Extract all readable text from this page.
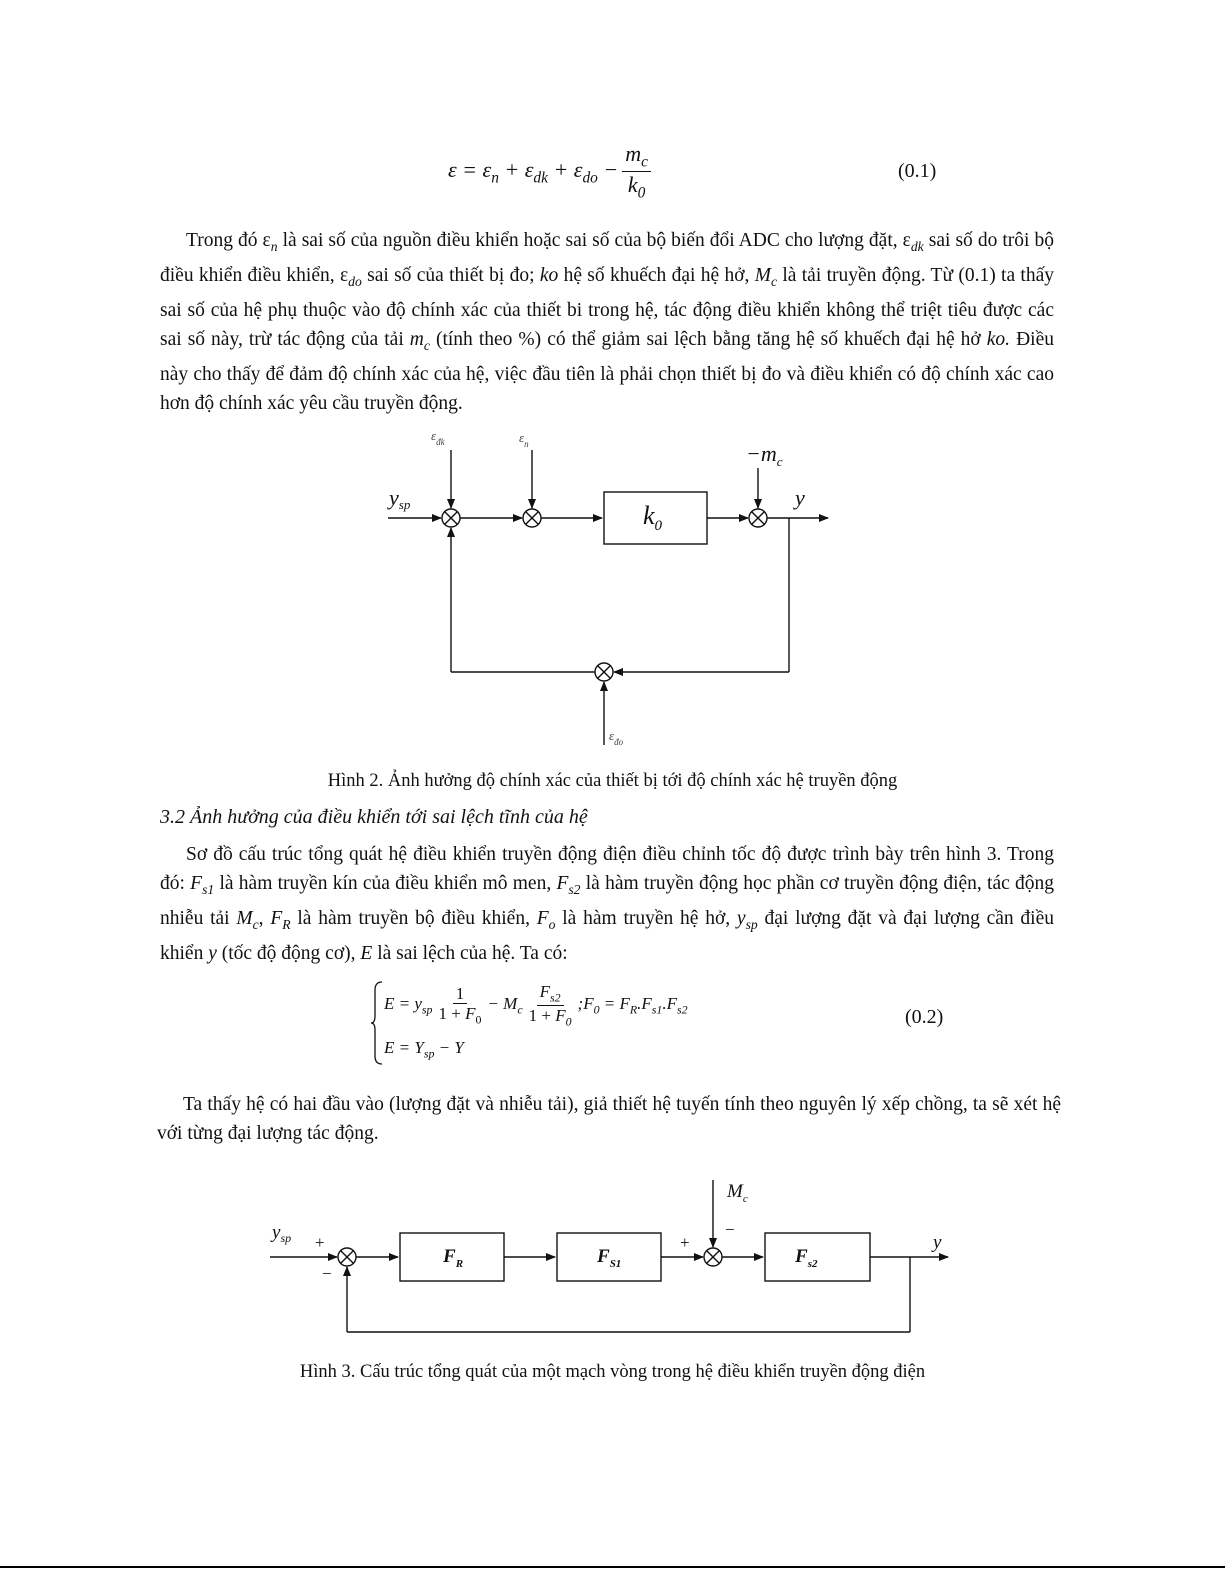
$\varepsilon = \varepsilon_n + \varepsilon_{dk} + \varepsilon_{do} - \frac{m_c}{k_0}$	(0.1)

Trong đó $\varepsilon_n$ là sai số của nguồn điều khiển hoặc sai số của bộ biến đổi ADC cho lượng đặt, $\varepsilon_{dk}$ sai số do trôi bộ điều khiển điều khiển, $\varepsilon_{do}$ sai số của thiết bị đo; ko hệ số khuếch đại hệ hở, $M_c$ là tải truyền động. Từ (0.1) ta thấy sai số của hệ phụ thuộc vào độ chính xác của thiết bi trong hệ, tác động điều khiển không thể triệt tiêu được các sai số này, trừ tác động của tải $m_c$ (tính theo %) có thể giảm sai lệch bằng tăng hệ số khuếch đại hệ hở ko. Điều này cho thấy để đảm độ chính xác của hệ, việc đầu tiên là phải chọn thiết bị đo và điều khiển có độ chính xác cao hơn độ chính xác yêu cầu truyền động.

ysp	$k_0$
$-m_c$
y
$\varepsilon_{đk}$	$\varepsilon_n$
$\varepsilon_{đo}$
Hình 2. Ảnh hưởng độ chính xác của thiết bị tới độ chính xác hệ truyền động
3.2 Ảnh hưởng của điều khiển tới sai lệch tĩnh của hệ

Sơ đồ cấu trúc tổng quát hệ điều khiển truyền động điện điều chỉnh tốc độ được trình bày trên hình 3. Trong đó: $F_{s1}$ là hàm truyền kín của điều khiển mô men, $F_{s2}$ là hàm truyền động học phần cơ truyền động điện, tác động nhiễu tải $M_c$, $F_R$ là hàm truyền bộ điều khiển, $F_o$ là hàm truyền hệ hở, $y_{sp}$ đại lượng đặt và đại lượng cần điều khiển y (tốc độ động cơ), E là sai lệch của hệ. Ta có:

$E = y_{sp} \frac{1}{1 + F_0} - M_c \frac{F_{s2}}{1 + F_0}$ $;F_0 = F_R.F_{s1}.F_{s2}$
$E = Y_{sp} - Y$
(0.2)

Ta thấy hệ có hai đầu vào (lượng đặt và nhiễu tải), giả thiết hệ tuyến tính theo nguyên lý xếp chồng, ta sẽ xét hệ với từng đại lượng tác động.

$y_{sp}$ +
−
$F_R$	$F_{S1}$
+
−
$M_c$
$F_{s2}$
y
Hình 3. Cấu trúc tổng quát của một mạch vòng trong hệ điều khiển truyền động điện
